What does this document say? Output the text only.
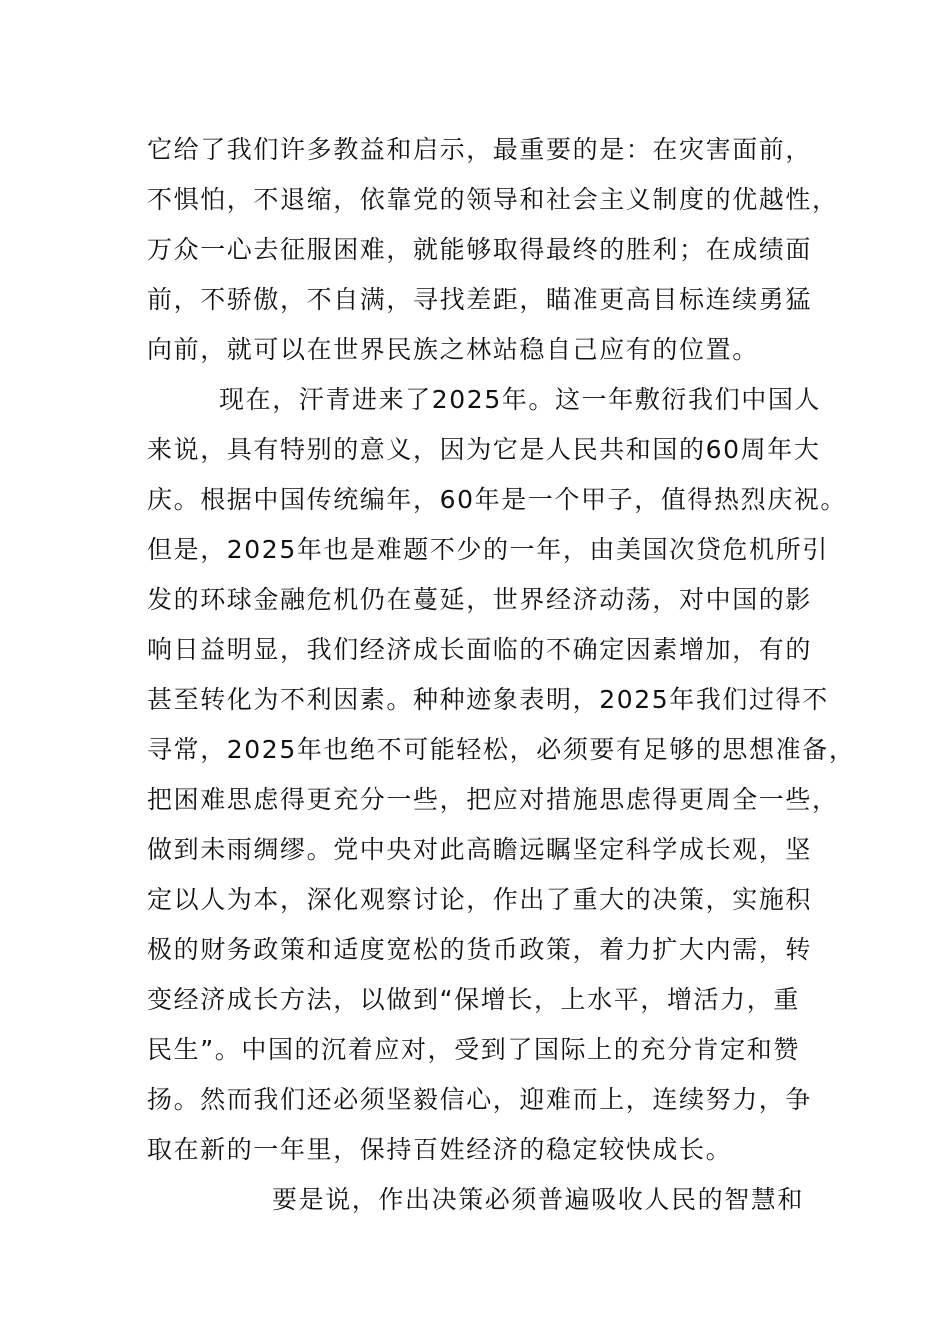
它给了我们许多教益和启示，最重要的是：在灾害面前，
不惧怕，不退缩，依靠党的领导和社会主义制度的优越性，
万众一心去征服困难，就能够取得最终的胜利；在成绩面
前，不骄傲，不自满，寻找差距，瞄准更高目标连续勇猛
向前，就可以在世界民族之林站稳自己应有的位置。
现在，汗青进来了2025年。这一年敷衍我们中国人
来说，具有特别的意义，因为它是人民共和国的60周年大
庆。根据中国传统编年，60年是一个甲子，值得热烈庆祝。
但是，2025年也是难题不少的一年，由美国次贷危机所引
发的环球金融危机仍在蔓延，世界经济动荡，对中国的影
响日益明显，我们经济成长面临的不确定因素增加，有的
甚至转化为不利因素。种种迹象表明，2025年我们过得不
寻常，2025年也绝不可能轻松，必须要有足够的思想准备，
把困难思虑得更充分一些，把应对措施思虑得更周全一些，
做到未雨绸缪。党中央对此高瞻远瞩坚定科学成长观，坚
定以人为本，深化观察讨论，作出了重大的决策，实施积
极的财务政策和适度宽松的货币政策，着力扩大内需，转
变经济成长方法，以做到“保增长，上水平，增活力，重
民生”。中国的沉着应对，受到了国际上的充分肯定和赞
扬。然而我们还必须坚毅信心，迎难而上，连续努力，争
取在新的一年里，保持百姓经济的稳定较快成长。
要是说，作出决策必须普遍吸收人民的智慧和
